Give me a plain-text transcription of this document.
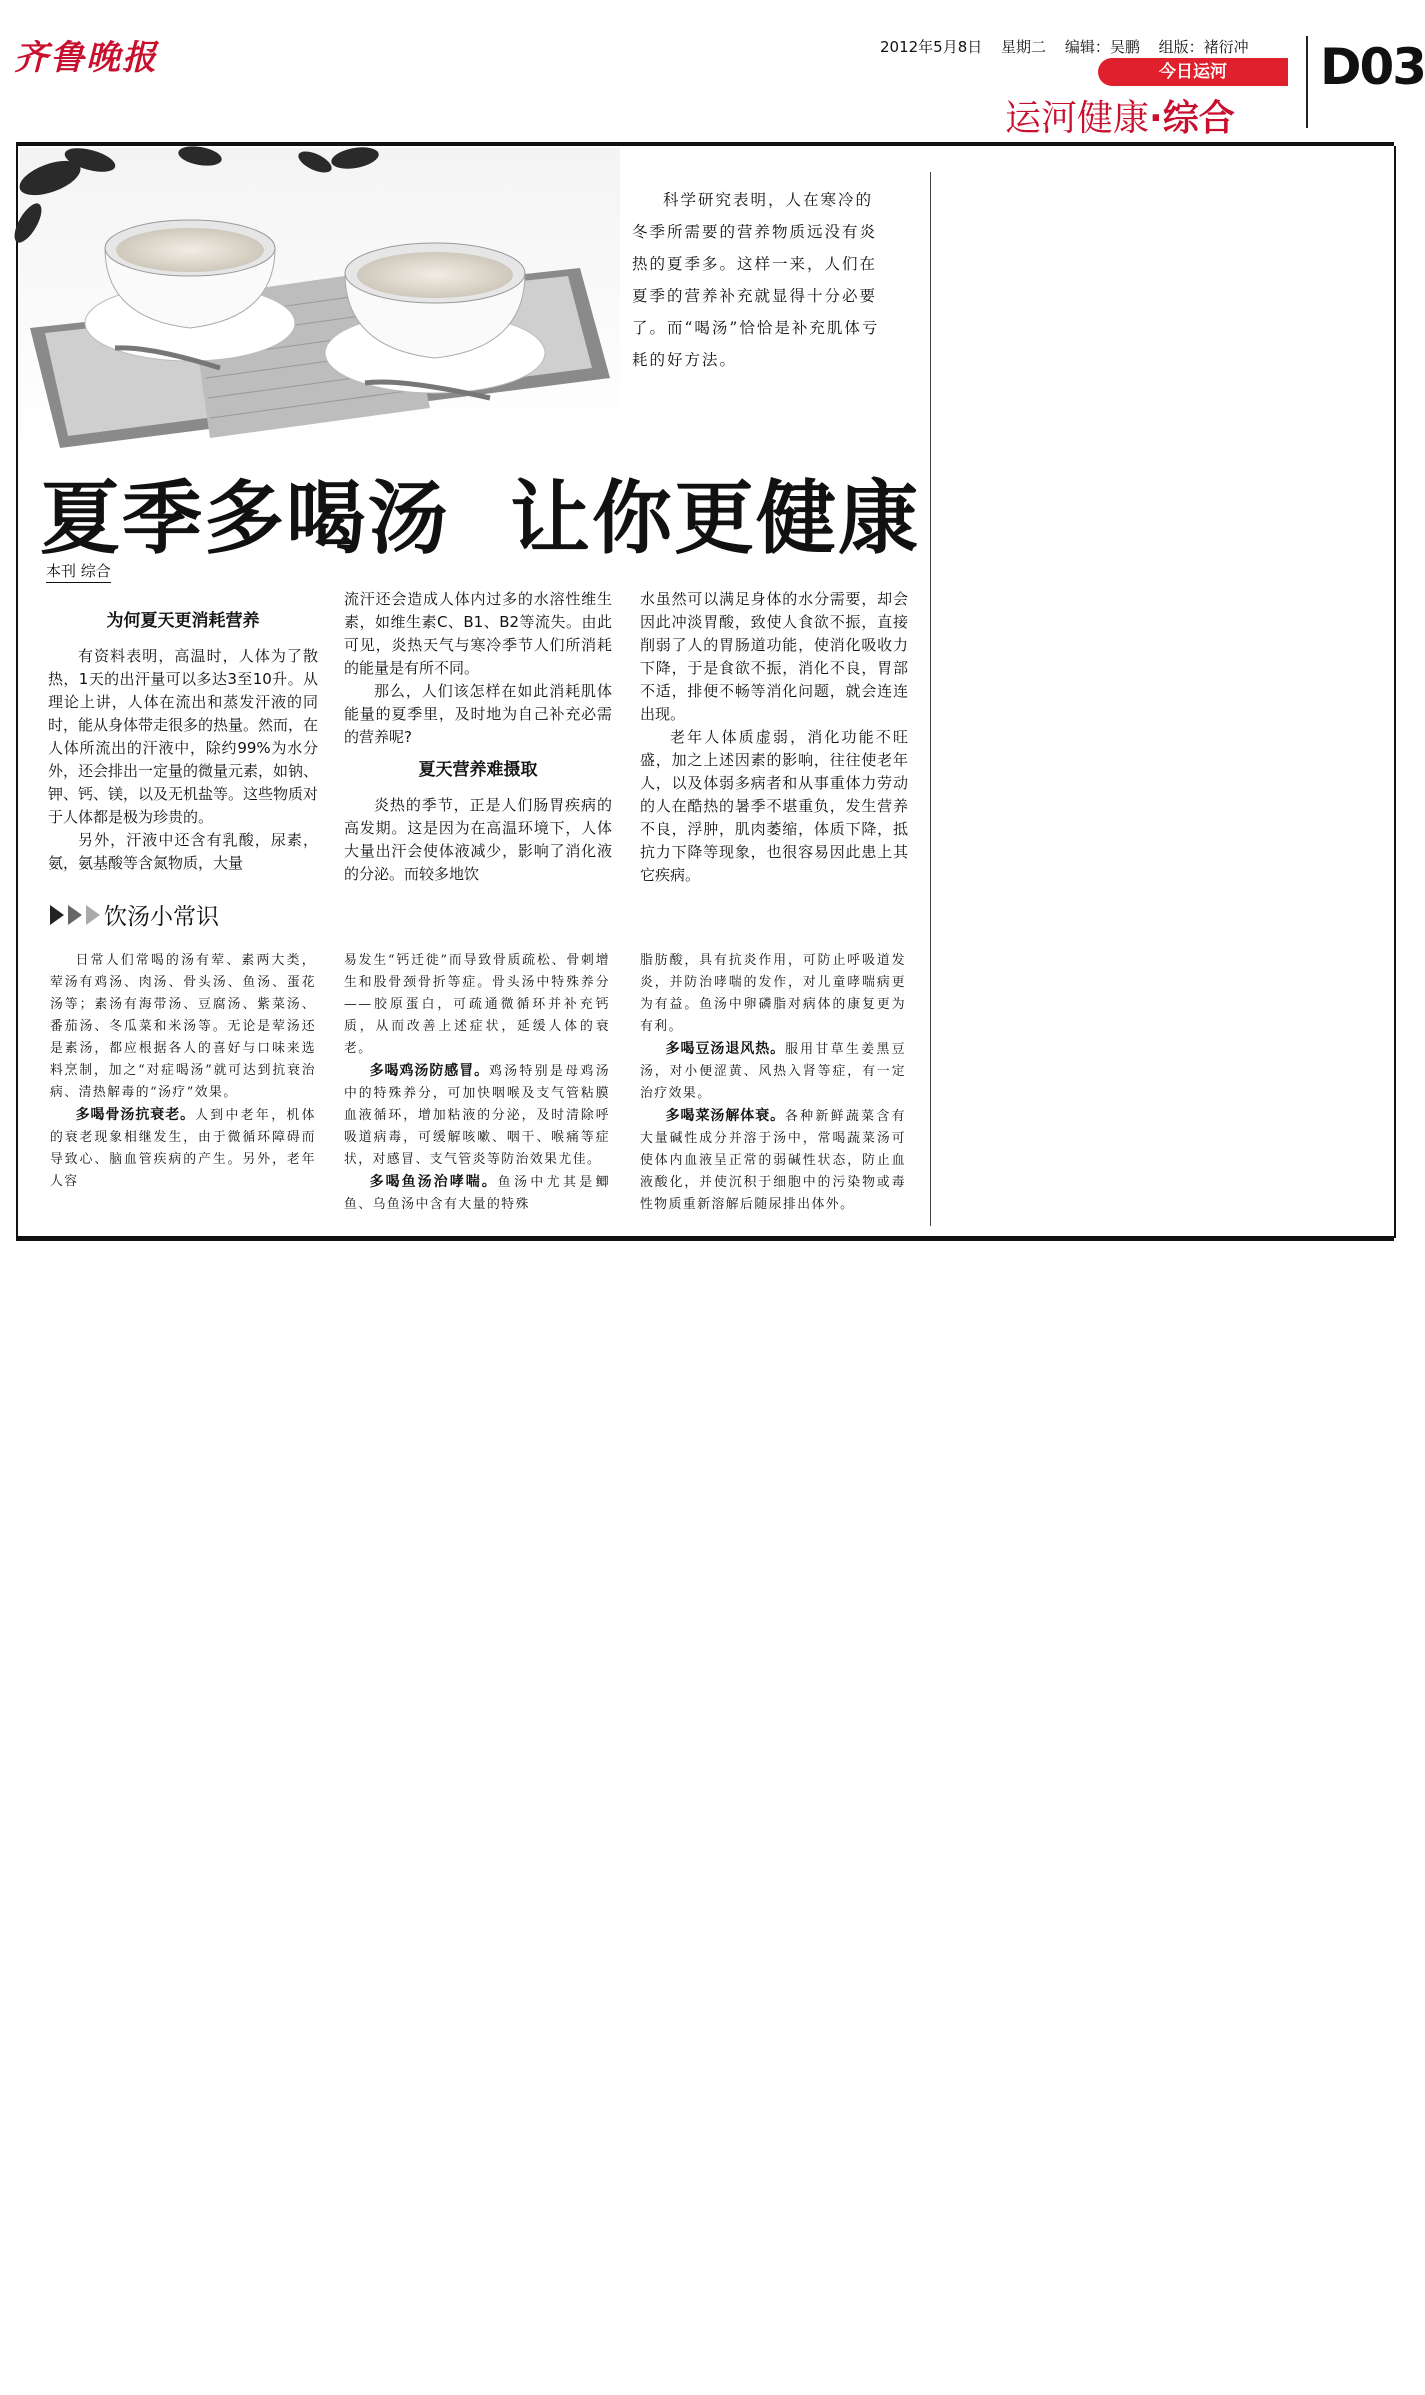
齐鲁晚报	2012年5月8日 星期二 编辑：吴鹏 组版：褚衍冲
今日运河
运河健康·综合
D03
科学研究表明，人在寒冷的冬季所需要的营养物质远没有炎热的夏季多。这样一来，人们在夏季的营养补充就显得十分必要了。而“喝汤”恰恰是补充肌体亏耗的好方法。
夏季多喝汤 让你更健康
本刊 综合
为何夏天更消耗营养

有资料表明，高温时，人体为了散热，1天的出汗量可以多达3至10升。从理论上讲，人体在流出和蒸发汗液的同时，能从身体带走很多的热量。然而，在人体所流出的汗液中，除约99%为水分外，还会排出一定量的微量元素，如钠、钾、钙、镁，以及无机盐等。这些物质对于人体都是极为珍贵的。

另外，汗液中还含有乳酸，尿素，氨，氨基酸等含氮物质，大量

流汗还会造成人体内过多的水溶性维生素，如维生素C、B1、B2等流失。由此可见，炎热天气与寒冷季节人们所消耗的能量是有所不同。

那么，人们该怎样在如此消耗肌体能量的夏季里，及时地为自己补充必需的营养呢?

夏天营养难摄取

炎热的季节，正是人们肠胃疾病的高发期。这是因为在高温环境下，人体大量出汗会使体液减少，影响了消化液的分泌。而较多地饮

水虽然可以满足身体的水分需要，却会因此冲淡胃酸，致使人食欲不振，直接削弱了人的胃肠道功能，使消化吸收力下降，于是食欲不振，消化不良，胃部不适，排便不畅等消化问题，就会连连出现。

老年人体质虚弱，消化功能不旺盛，加之上述因素的影响，往往使老年人，以及体弱多病者和从事重体力劳动的人在酷热的暑季不堪重负，发生营养不良，浮肿，肌肉萎缩，体质下降，抵抗力下降等现象，也很容易因此患上其它疾病。

饮汤小常识

日常人们常喝的汤有荤、素两大类，荤汤有鸡汤、肉汤、骨头汤、鱼汤、蛋花汤等；素汤有海带汤、豆腐汤、紫菜汤、番茄汤、冬瓜菜和米汤等。无论是荤汤还是素汤，都应根据各人的喜好与口味来选料烹制，加之“对症喝汤”就可达到抗衰治病、清热解毒的“汤疗”效果。

多喝骨汤抗衰老。人到中老年，机体的衰老现象相继发生，由于微循环障碍而导致心、脑血管疾病的产生。另外，老年人容

易发生“钙迁徙”而导致骨质疏松、骨刺增生和股骨颈骨折等症。骨头汤中特殊养分——胶原蛋白，可疏通微循环并补充钙质，从而改善上述症状，延缓人体的衰老。

多喝鸡汤防感冒。鸡汤特别是母鸡汤中的特殊养分，可加快咽喉及支气管粘膜血液循环，增加粘液的分泌，及时清除呼吸道病毒，可缓解咳嗽、咽干、喉痛等症状，对感冒、支气管炎等防治效果尤佳。

多喝鱼汤治哮喘。鱼汤中尤其是鲫鱼、乌鱼汤中含有大量的特殊

脂肪酸，具有抗炎作用，可防止呼吸道发炎，并防治哮喘的发作，对儿童哮喘病更为有益。鱼汤中卵磷脂对病体的康复更为有利。

多喝豆汤退风热。服用甘草生姜黑豆汤，对小便涩黄、风热入肾等症，有一定治疗效果。

多喝菜汤解体衰。各种新鲜蔬菜含有大量碱性成分并溶于汤中，常喝蔬菜汤可使体内血液呈正常的弱碱性状态，防止血液酸化，并使沉积于细胞中的污染物或毒性物质重新溶解后随尿排出体外。
